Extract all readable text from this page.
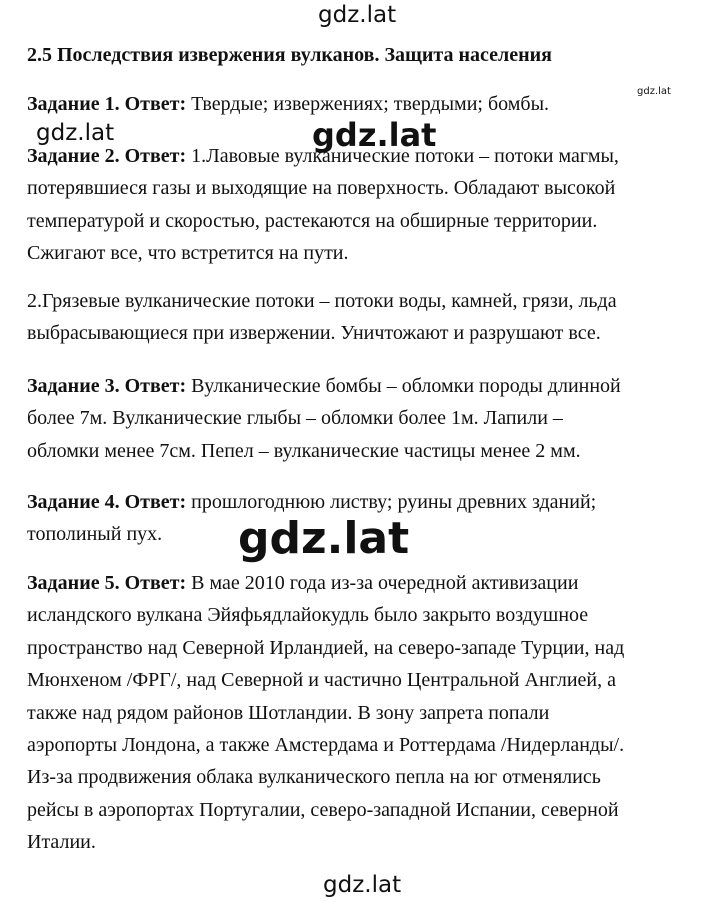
gdz.lat
2.5 Последствия извержения вулканов. Защита населения
Задание 1. Ответ: Твердые; извержениях; твердыми; бомбы.
gdz.lat
Задание 2. Ответ: 1.Лавовые вулканические потоки – потоки магмы,
потерявшиеся газы и выходящие на поверхность. Обладают высокой
температурой и скоростью, растекаются на обширные территории.
Сжигают все, что встретится на пути.
gdz.lat	gdz.lat
2.Грязевые вулканические потоки – потоки воды, камней, грязи, льда
выбрасывающиеся при извержении. Уничтожают и разрушают все.
Задание 3. Ответ: Вулканические бомбы – обломки породы длинной
более 7м. Вулканические глыбы – обломки более 1м. Лапили –
обломки менее 7см. Пепел – вулканические частицы менее 2 мм.
Задание 4. Ответ: прошлогоднюю листву; руины древних зданий;
тополиный пух.	gdz.lat
Задание 5. Ответ: В мае 2010 года из-за очередной активизации
исландского вулкана Эйяфьядлайокудль было закрыто воздушное
пространство над Северной Ирландией, на северо-западе Турции, над
Мюнхеном /ФРГ/, над Северной и частично Центральной Англией, а
также над рядом районов Шотландии. В зону запрета попали
аэропорты Лондона, а также Амстердама и Роттердама /Нидерланды/.
Из-за продвижения облака вулканического пепла на юг отменялись
рейсы в аэропортах Португалии, северо-западной Испании, северной
Италии.
gdz.lat
